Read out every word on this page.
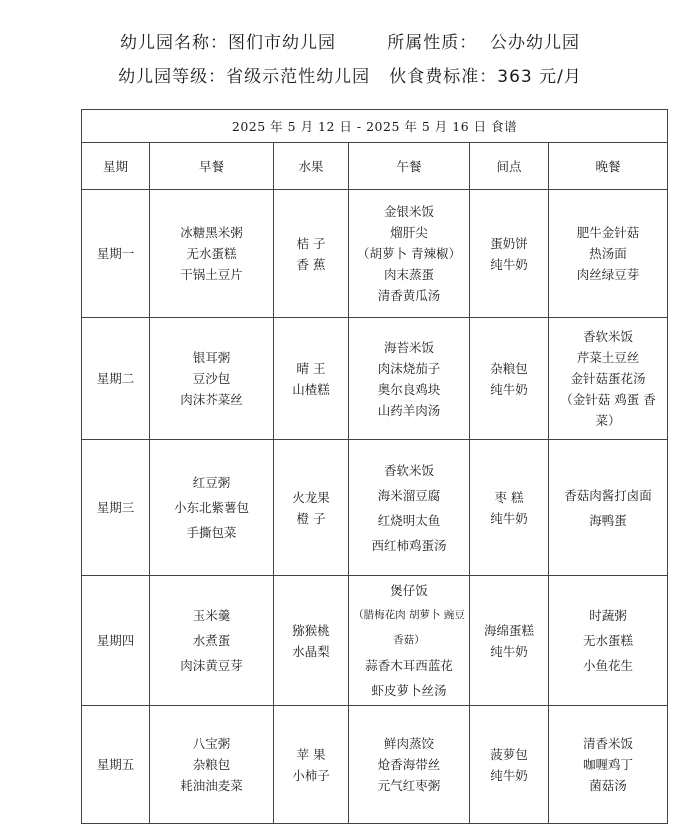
幼儿园名称：图们市幼儿园        所属性质：  公办幼儿园
幼儿园等级：省级示范性幼儿园   伙食费标准：363 元/月
2025 年 5 月 12 日 - 2025 年 5 月 16 日 食谱					
星期	早餐	水果	午餐	间点	晚餐
星期一	冰糖黑米粥
无水蛋糕
干锅土豆片	桔 子
香 蕉	金银米饭
熘肝尖
（胡萝卜 青辣椒）
肉末蒸蛋
清香黄瓜汤	蛋奶饼
纯牛奶	肥牛金针菇
热汤面
肉丝绿豆芽

星期二	银耳粥
豆沙包
肉沫芥菜丝	晴 王
山楂糕	海苔米饭
肉沫烧茄子
奥尔良鸡块
山药羊肉汤	杂粮包
纯牛奶	香软米饭
芹菜土豆丝
金针菇蛋花汤
（金针菇 鸡蛋 香菜）

星期三	红豆粥
小东北紫薯包
手撕包菜	火龙果
橙 子	香软米饭
海米溜豆腐
红烧明太鱼
西红柿鸡蛋汤	枣 糕
纯牛奶	香菇肉酱打卤面
海鸭蛋

星期四	玉米羹
水煮蛋
肉沫黄豆芽	猕猴桃
水晶梨	煲仔饭
（腊梅花肉 胡萝卜 豌豆 香菇）
蒜香木耳西蓝花
虾皮萝卜丝汤	海绵蛋糕
纯牛奶	时蔬粥
无水蛋糕
小鱼花生

星期五	八宝粥
杂粮包
耗油油麦菜	苹 果
小柿子	鲜肉蒸饺
炝香海带丝
元气红枣粥	菠萝包
纯牛奶	清香米饭
咖喱鸡丁
菌菇汤
